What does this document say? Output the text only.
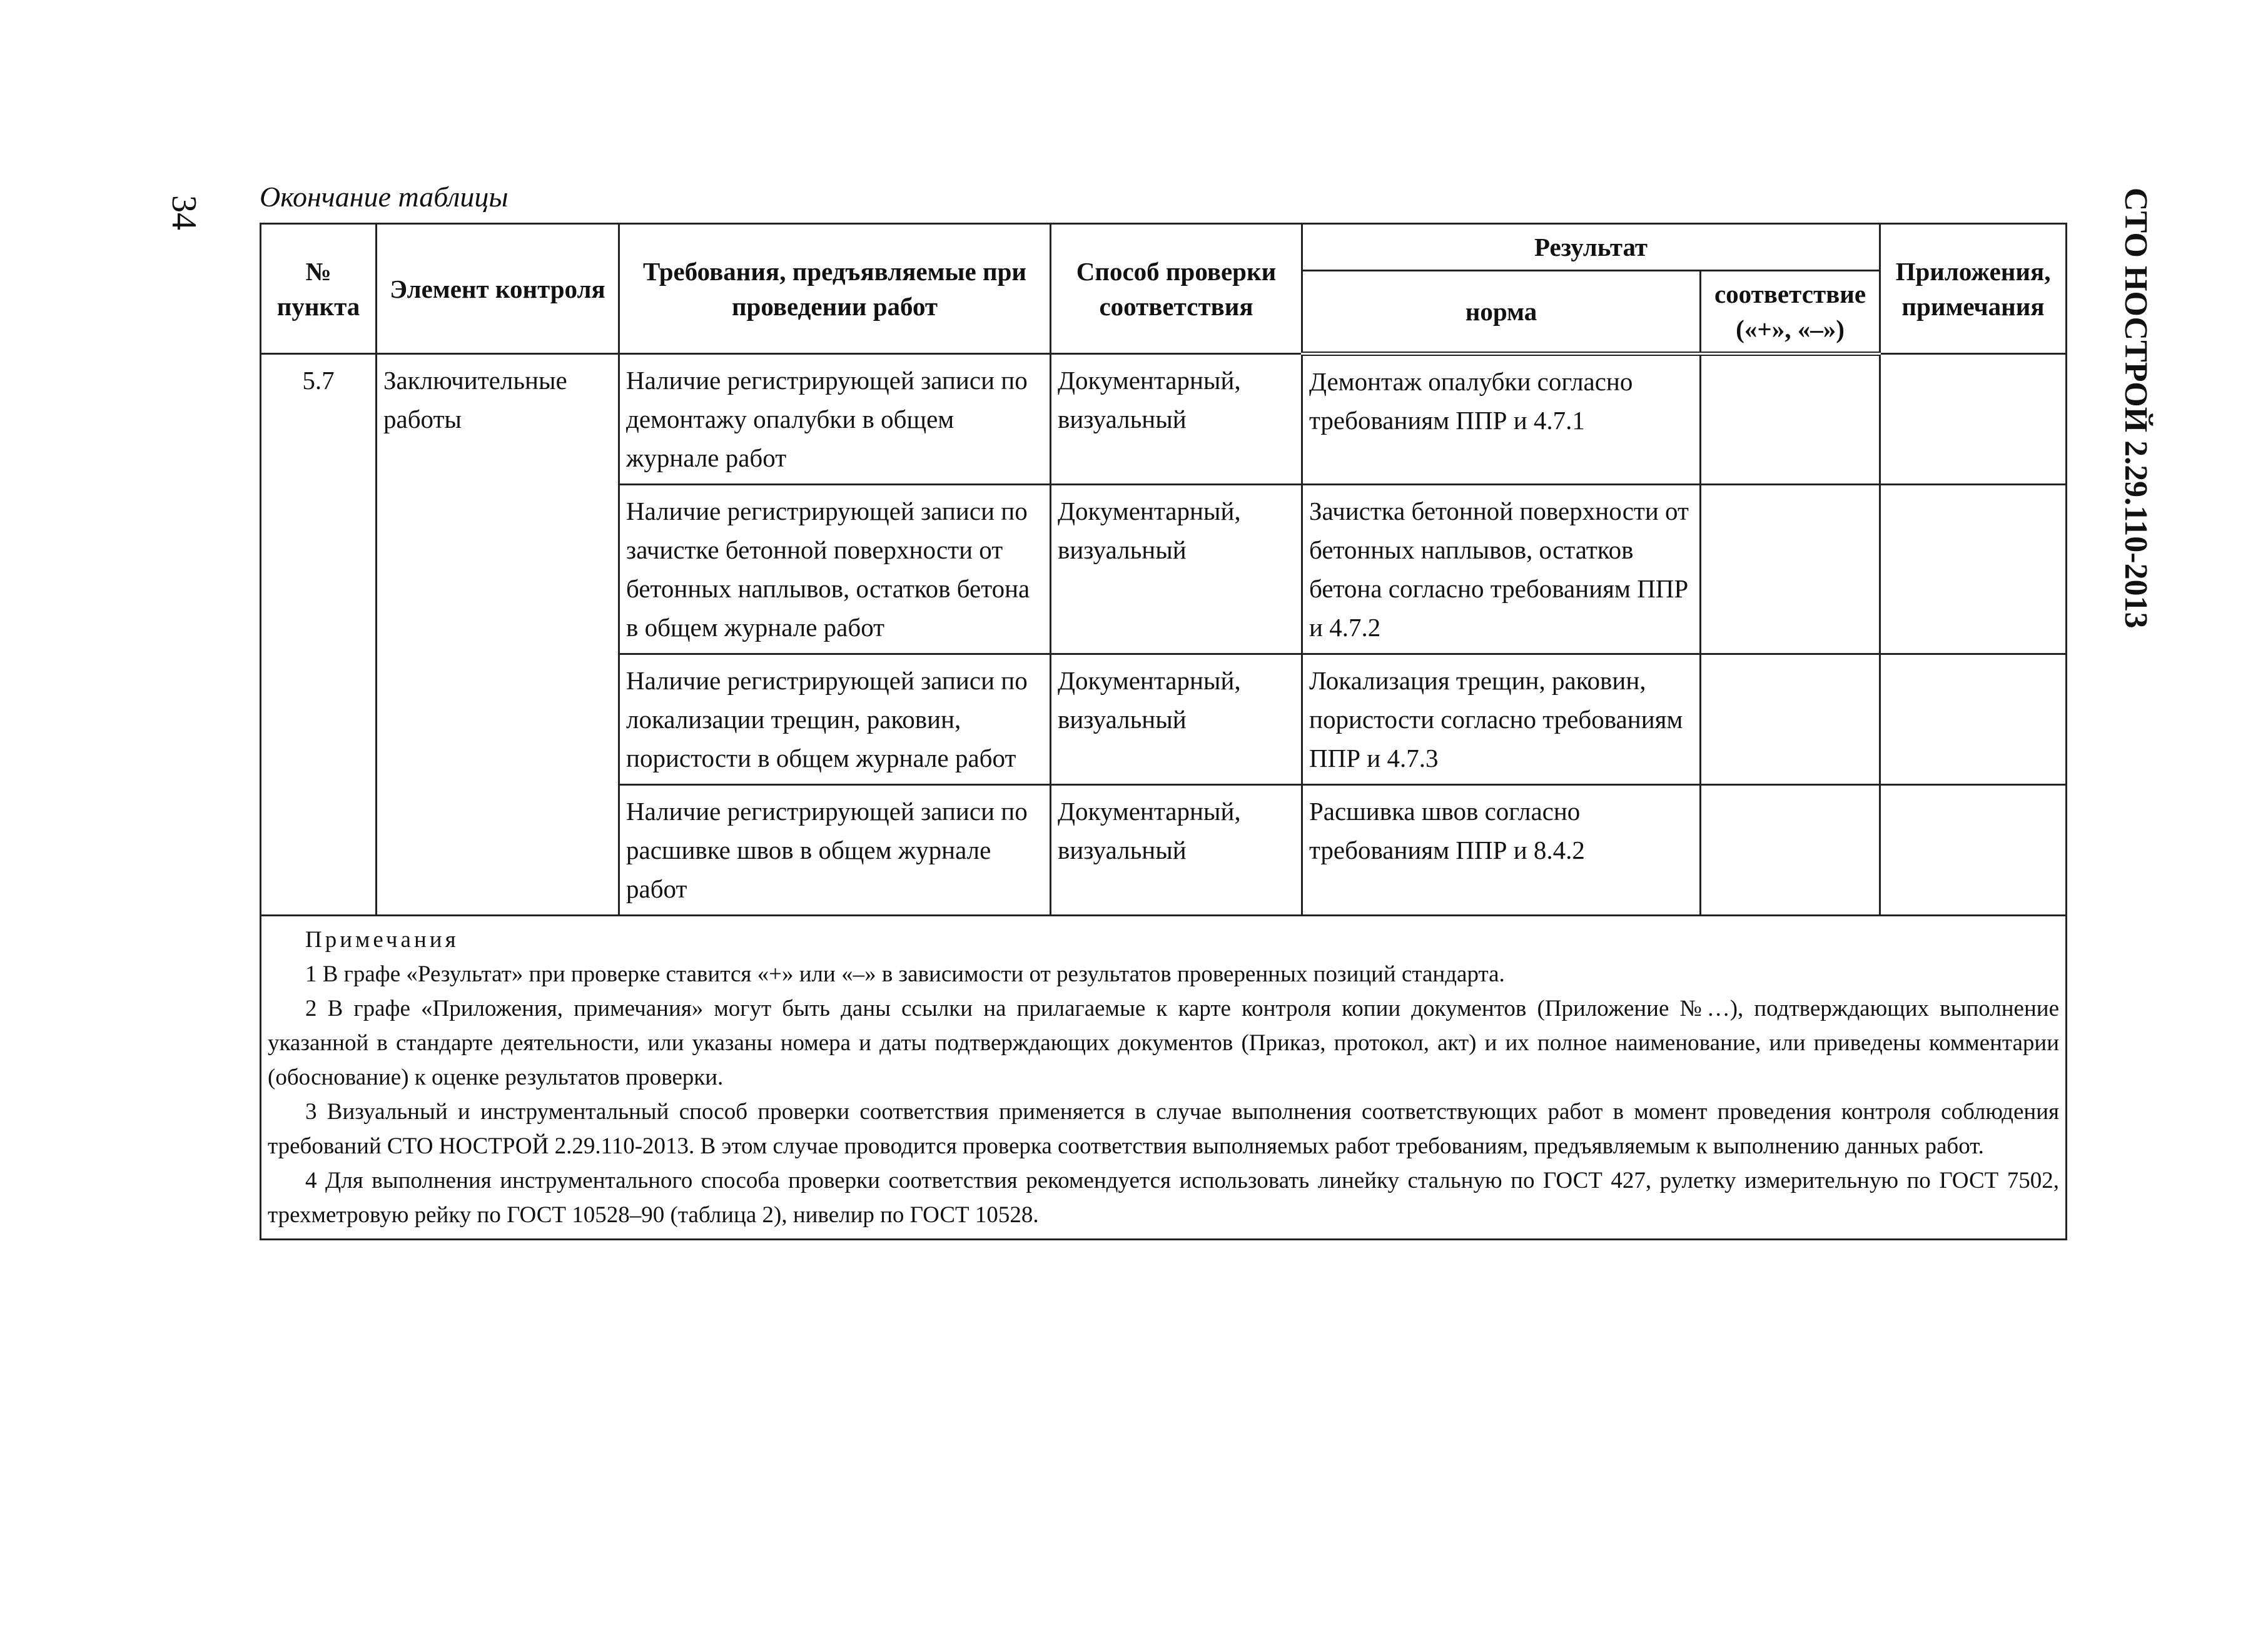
34	СТО НОСТРОЙ 2.29.110-2013
Окончание таблицы
№ пункта	Элемент контроля	Требования, предъявляемые при проведении работ	Способ проверки соответствия	Результат		Приложения, примечания
				норма	соответствие («+», «–»)	
5.7	Заключительные работы	Наличие регистрирующей записи по демонтажу опалубки в общем журнале работ	Документарный, визуальный	Демонтаж опалубки согласно требованиям ППР и 4.7.1		
		Наличие регистрирующей записи по зачистке бетонной поверхности от бетонных наплывов, остатков бетона в общем журнале работ	Документарный, визуальный	Зачистка бетонной поверхности от бетонных наплывов, остатков бетона согласно требованиям ППР и 4.7.2		
		Наличие регистрирующей записи по локализации трещин, раковин, пористости в общем журнале работ	Документарный, визуальный	Локализация трещин, раковин, пористости согласно требованиям ППР и 4.7.3		
		Наличие регистрирующей записи по расшивке швов в общем журнале работ	Документарный, визуальный	Расшивка швов согласно требованиям ППР и 8.4.2		

Примечания
1 В графе «Результат» при проверке ставится «+» или «–» в зависимости от результатов проверенных позиций стандарта.
2 В графе «Приложения, примечания» могут быть даны ссылки на прилагаемые к карте контроля копии документов (Приложение №…), подтверждающих выполнение указанной в стандарте деятельности, или указаны номера и даты подтверждающих документов (Приказ, протокол, акт) и их полное наименование, или приведены комментарии (обоснование) к оценке результатов проверки.
3 Визуальный и инструментальный способ проверки соответствия применяется в случае выполнения соответствующих работ в момент проведения контроля соблюдения требований СТО НОСТРОЙ 2.29.110-2013. В этом случае проводится проверка соответствия выполняемых работ требованиям, предъявляемым к выполнению данных работ.
4 Для выполнения инструментального способа проверки соответствия рекомендуется использовать линейку стальную по ГОСТ 427, рулетку измерительную по ГОСТ 7502, трехметровую рейку по ГОСТ 10528–90 (таблица 2), нивелир по ГОСТ 10528.						
